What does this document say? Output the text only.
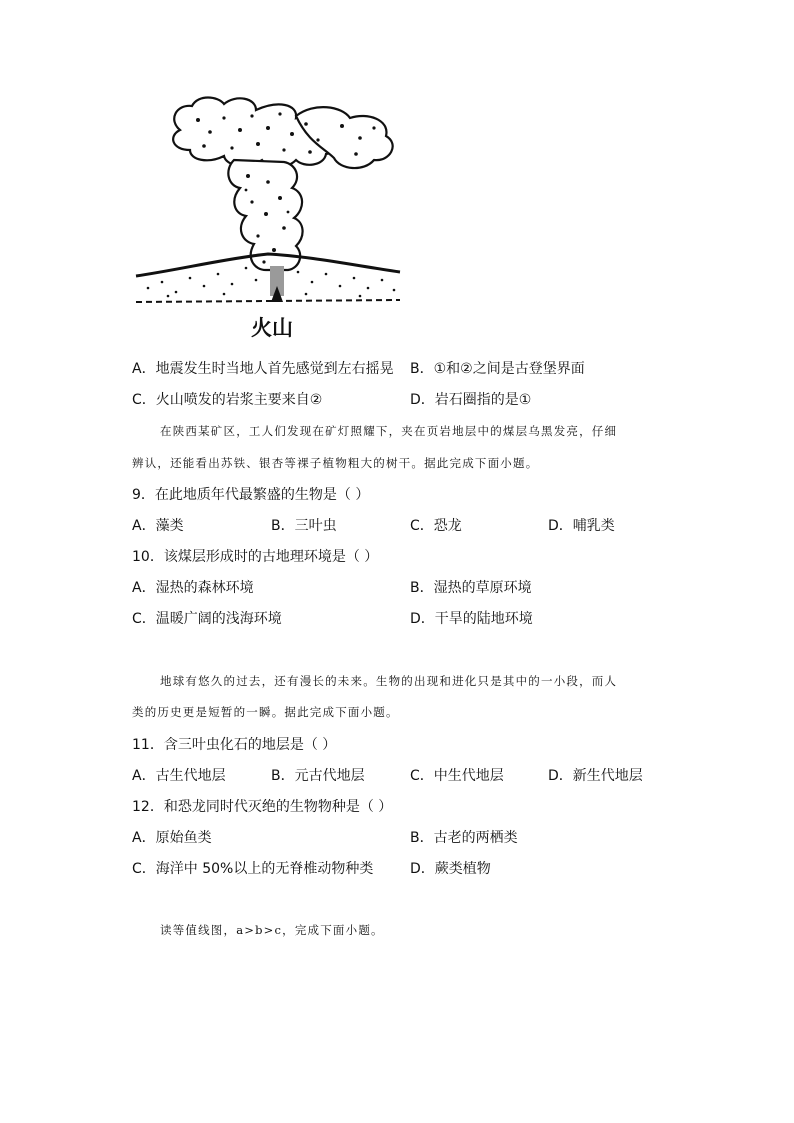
火山
A．地震发生时当地人首先感觉到左右摇晃 B．①和②之间是古登堡界面
C．火山喷发的岩浆主要来自②	D．岩石圈指的是①
在陕西某矿区，工人们发现在矿灯照耀下，夹在页岩地层中的煤层乌黑发亮，仔细
辨认，还能看出苏铁、银杏等裸子植物粗大的树干。据此完成下面小题。
9．在此地质年代最繁盛的生物是（ ）
A．藻类	B．三叶虫	C．恐龙	D．哺乳类
10．该煤层形成时的古地理环境是（ ）
A．湿热的森林环境	B．湿热的草原环境
C．温暖广阔的浅海环境	D．干旱的陆地环境
地球有悠久的过去，还有漫长的未来。生物的出现和进化只是其中的一小段，而人
类的历史更是短暂的一瞬。据此完成下面小题。
11．含三叶虫化石的地层是（ ）
A．古生代地层	B．元古代地层	C．中生代地层	D．新生代地层
12．和恐龙同时代灭绝的生物物种是（ ）
A．原始鱼类	B．古老的两栖类
C．海洋中 50%以上的无脊椎动物种类	D．蕨类植物
读等值线图，a>b>c，完成下面小题。
